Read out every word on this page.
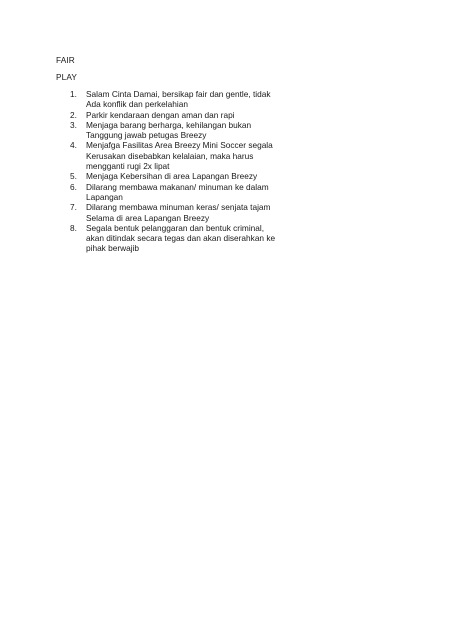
FAIR
PLAY
1. Salam Cinta Damai, bersikap fair dan gentle, tidak
Ada konflik dan perkelahian
2. Parkir kendaraan dengan aman dan rapi
3. Menjaga barang berharga, kehilangan bukan
Tanggung jawab petugas Breezy
4. Menjafga Fasilitas Area Breezy Mini Soccer segala
Kerusakan disebabkan kelalaian, maka harus
mengganti rugi 2x lipat
5. Menjaga Kebersihan di area Lapangan Breezy
6. Dilarang membawa makanan/ minuman ke dalam
Lapangan
7. Dilarang membawa minuman keras/ senjata tajam
Selama di area Lapangan Breezy
8. Segala bentuk pelanggaran dan bentuk criminal,
akan ditindak secara tegas dan akan diserahkan ke
pihak berwajib
